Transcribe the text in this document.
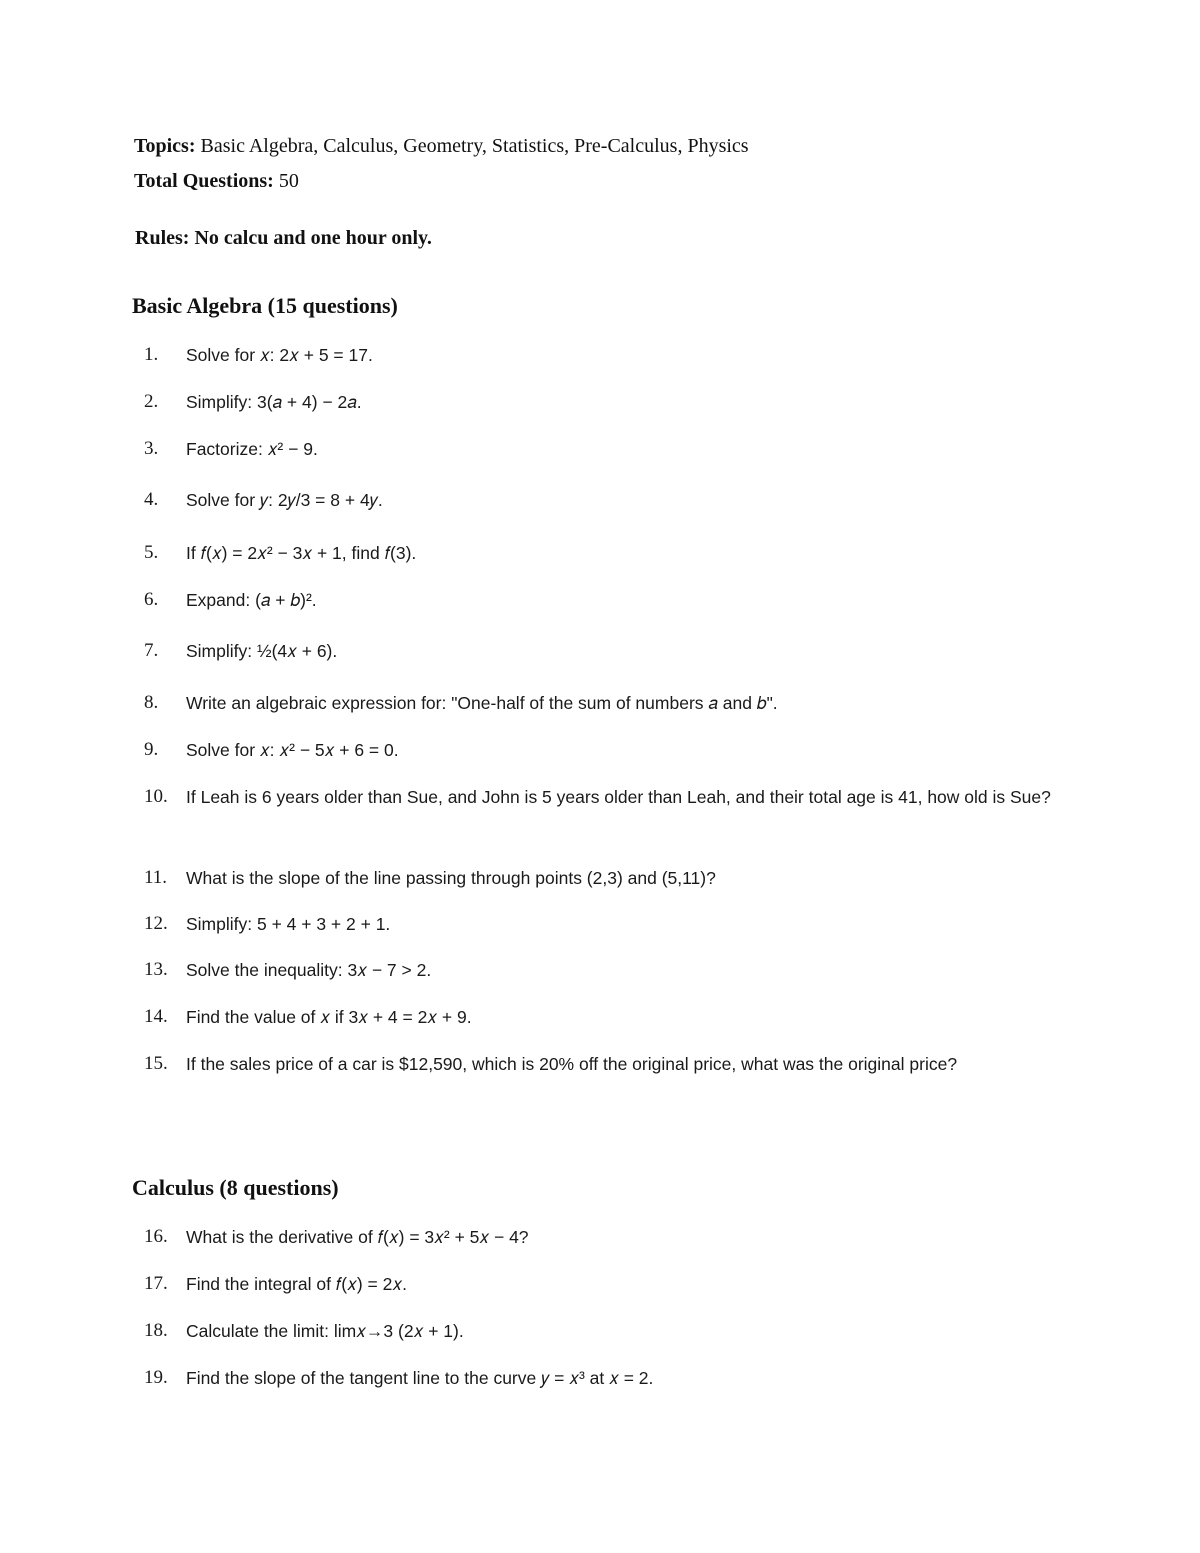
Topics: Basic Algebra, Calculus, Geometry, Statistics, Pre-Calculus, Physics
Total Questions: 50
Rules: No calcu and one hour only.
Basic Algebra (15 questions)
1.	Solve for 𝑥: 2𝑥 + 5 = 17.
2.	Simplify: 3(𝑎 + 4) − 2𝑎.
3.	Factorize: 𝑥² − 9.
4.	Solve for 𝑦: 2𝑦/3 = 8 + 4𝑦.
5.	If 𝑓(𝑥) = 2𝑥² − 3𝑥 + 1, find 𝑓(3).
6.	Expand: (𝑎 + 𝑏)².
7.	Simplify: ½(4𝑥 + 6).
8.	Write an algebraic expression for: "One-half of the sum of numbers 𝑎 and 𝑏".
9.	Solve for 𝑥: 𝑥² − 5𝑥 + 6 = 0.
10.	If Leah is 6 years older than Sue, and John is 5 years older than Leah, and their total age is 41, how old is Sue?
11.	What is the slope of the line passing through points (2,3) and (5,11)?
12.	Simplify: 5 + 4 + 3 + 2 + 1.
13.	Solve the inequality: 3𝑥 − 7 > 2.
14.	Find the value of 𝑥 if 3𝑥 + 4 = 2𝑥 + 9.
15.	If the sales price of a car is $12,590, which is 20% off the original price, what was the original price?
Calculus (8 questions)
16.	What is the derivative of 𝑓(𝑥) = 3𝑥² + 5𝑥 − 4?
17.	Find the integral of 𝑓(𝑥) = 2𝑥.
18.	Calculate the limit: lim𝑥→3 (2𝑥 + 1).
19.	Find the slope of the tangent line to the curve 𝑦 = 𝑥³ at 𝑥 = 2.
